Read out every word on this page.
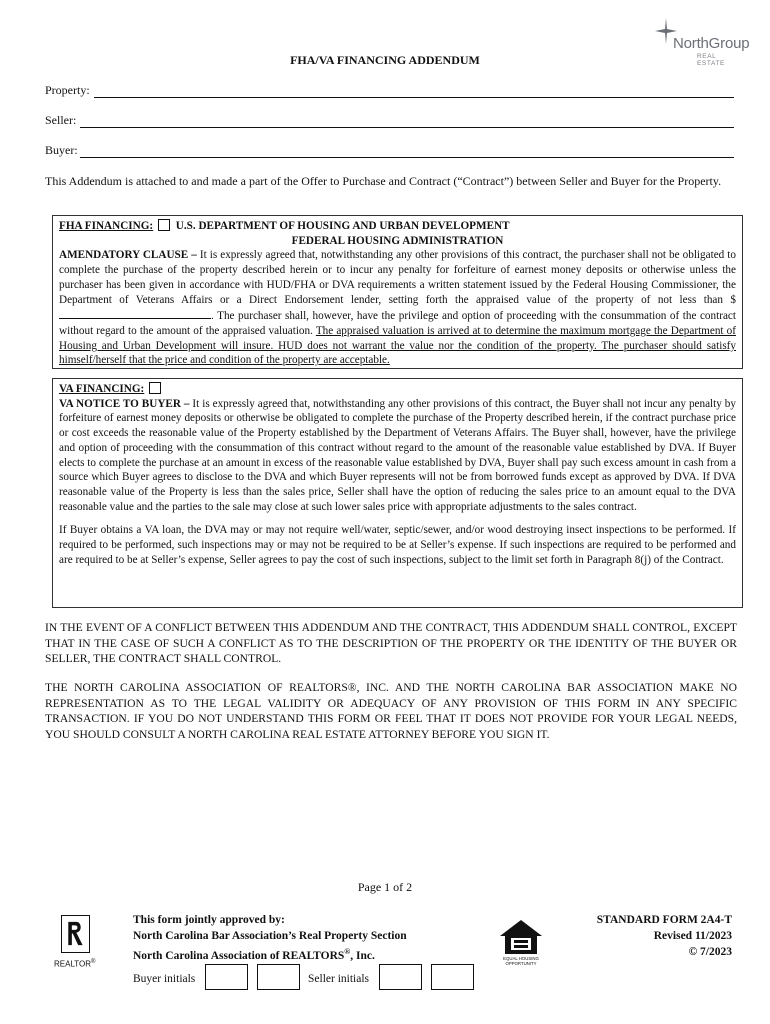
NorthGroup
REAL ESTATE
FHA/VA FINANCING ADDENDUM
Property:
Seller:
Buyer:
This Addendum is attached to and made a part of the Offer to Purchase and Contract (“Contract”) between Seller and Buyer for the Property.
FHA FINANCING: U.S. DEPARTMENT OF HOUSING AND URBAN DEVELOPMENT
FEDERAL HOUSING ADMINISTRATION
AMENDATORY CLAUSE – It is expressly agreed that, notwithstanding any other provisions of this contract, the purchaser shall not be obligated to complete the purchase of the property described herein or to incur any penalty for forfeiture of earnest money deposits or otherwise unless the purchaser has been given in accordance with HUD/FHA or DVA requirements a written statement issued by the Federal Housing Commissioner, the Department of Veterans Affairs or a Direct Endorsement lender, setting forth the appraised value of the property of not less than $. The purchaser shall, however, have the privilege and option of proceeding with the consummation of the contract without regard to the amount of the appraised valuation. The appraised valuation is arrived at to determine the maximum mortgage the Department of Housing and Urban Development will insure. HUD does not warrant the value nor the condition of the property. The purchaser should satisfy himself/herself that the price and condition of the property are acceptable.
VA FINANCING:
VA NOTICE TO BUYER – It is expressly agreed that, notwithstanding any other provisions of this contract, the Buyer shall not incur any penalty by forfeiture of earnest money deposits or otherwise be obligated to complete the purchase of the Property described herein, if the contract purchase price or cost exceeds the reasonable value of the Property established by the Department of Veterans Affairs. The Buyer shall, however, have the privilege and option of proceeding with the consummation of this contract without regard to the amount of the reasonable value established by DVA. If Buyer elects to complete the purchase at an amount in excess of the reasonable value established by DVA, Buyer shall pay such excess amount in cash from a source which Buyer agrees to disclose to the DVA and which Buyer represents will not be from borrowed funds except as approved by DVA. If DVA reasonable value of the Property is less than the sales price, Seller shall have the option of reducing the sales price to an amount equal to the DVA reasonable value and the parties to the sale may close at such lower sales price with appropriate adjustments to the sales contract.
If Buyer obtains a VA loan, the DVA may or may not require well/water, septic/sewer, and/or wood destroying insect inspections to be performed. If required to be performed, such inspections may or may not be required to be at Seller’s expense. If such inspections are required to be performed and are required to be at Seller’s expense, Seller agrees to pay the cost of such inspections, subject to the limit set forth in Paragraph 8(j) of the Contract.
IN THE EVENT OF A CONFLICT BETWEEN THIS ADDENDUM AND THE CONTRACT, THIS ADDENDUM SHALL CONTROL, EXCEPT THAT IN THE CASE OF SUCH A CONFLICT AS TO THE DESCRIPTION OF THE PROPERTY OR THE IDENTITY OF THE BUYER OR SELLER, THE CONTRACT SHALL CONTROL.
THE NORTH CAROLINA ASSOCIATION OF REALTORS®, INC. AND THE NORTH CAROLINA BAR ASSOCIATION MAKE NO REPRESENTATION AS TO THE LEGAL VALIDITY OR ADEQUACY OF ANY PROVISION OF THIS FORM IN ANY SPECIFIC TRANSACTION. IF YOU DO NOT UNDERSTAND THIS FORM OR FEEL THAT IT DOES NOT PROVIDE FOR YOUR LEGAL NEEDS, YOU SHOULD CONSULT A NORTH CAROLINA REAL ESTATE ATTORNEY BEFORE YOU SIGN IT.
Page 1 of 2
REALTOR®
This form jointly approved by:
North Carolina Bar Association’s Real Property Section
North Carolina Association of REALTORS®, Inc.	EQUAL HOUSING OPPORTUNITY
STANDARD FORM 2A4-T
Revised 11/2023
© 7/2023
Buyer initials	Seller initials
